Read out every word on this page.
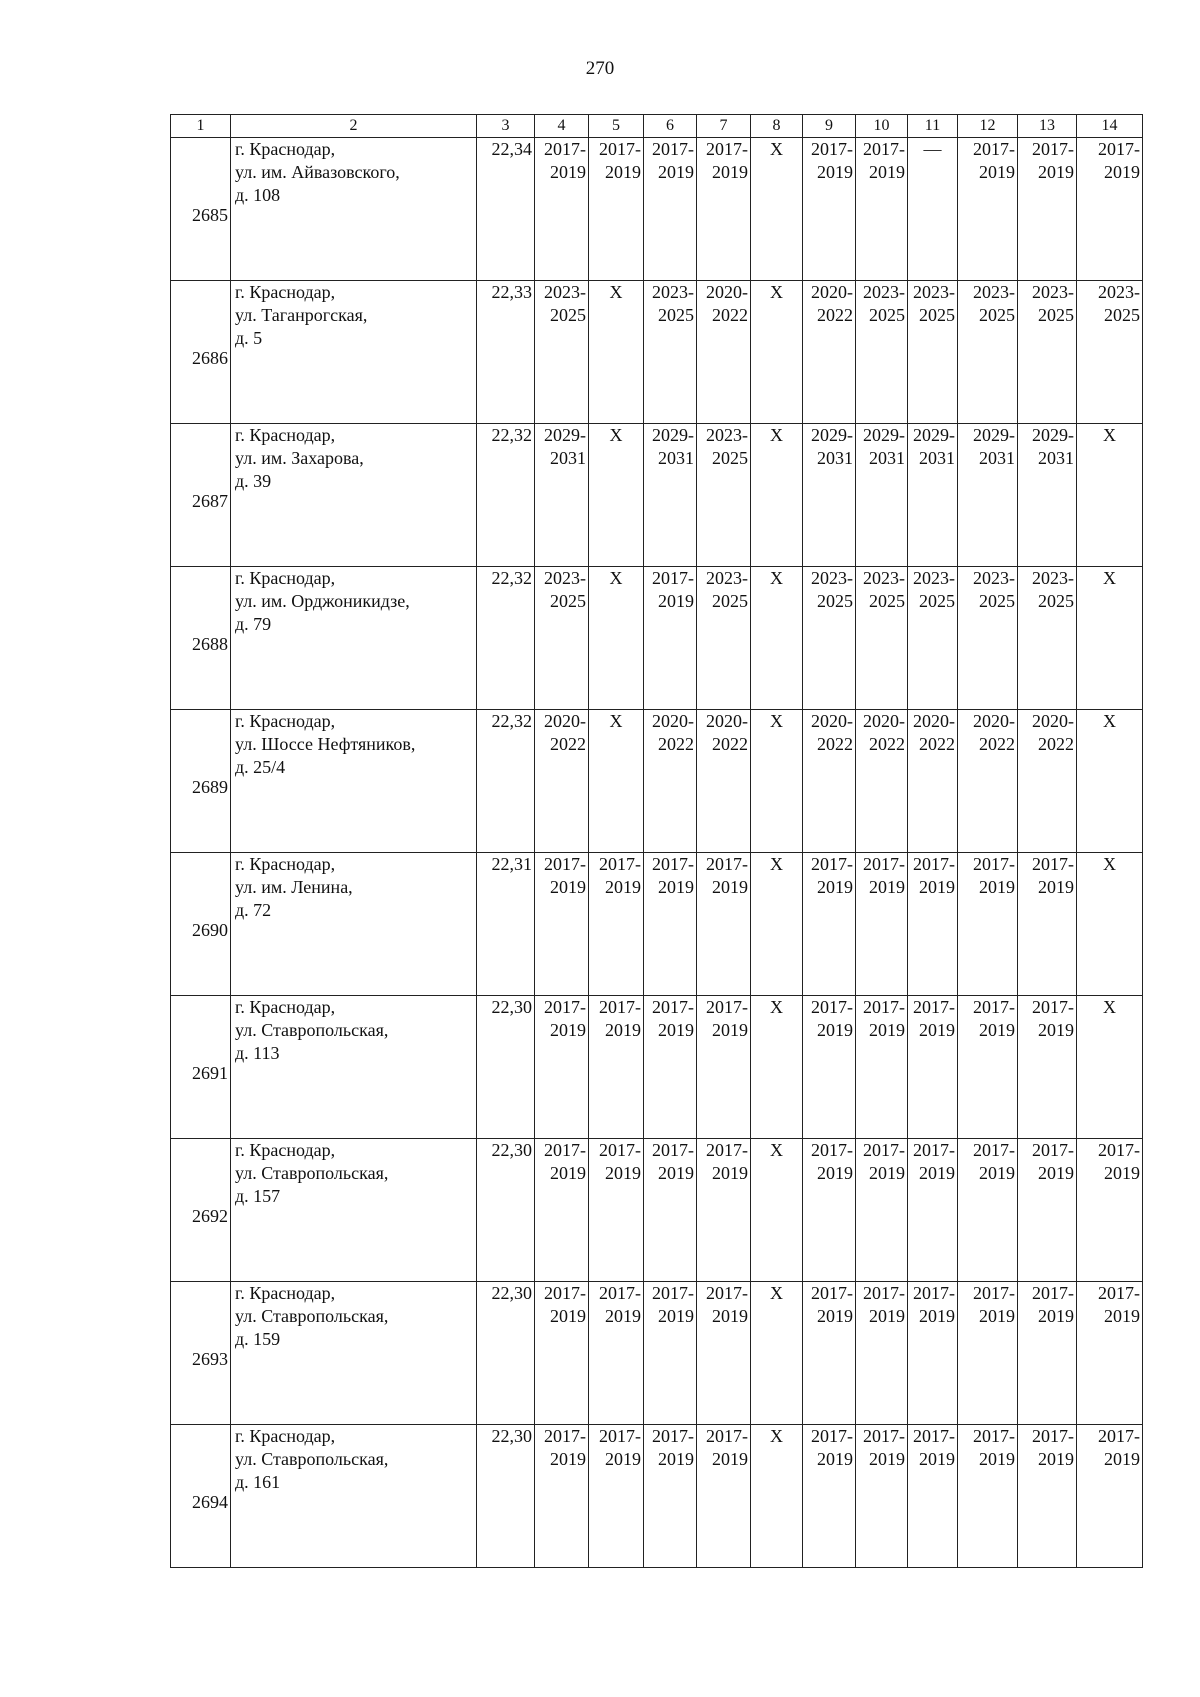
270
1	2	3	4	5	6	7	8	9	10	11	12	13	14
2685	г. Краснодар,
ул. им. Айвазовского,
д. 108	22,34	2017-
2019	2017-
2019	2017-
2019	2017-
2019	Х	2017-
2019	2017-
2019	—	2017-
2019	2017-
2019	2017-
2019
2686	г. Краснодар,
ул. Таганрогская,
д. 5	22,33	2023-
2025	Х	2023-
2025	2020-
2022	Х	2020-
2022	2023-
2025	2023-
2025	2023-
2025	2023-
2025	2023-
2025
2687	г. Краснодар,
ул. им. Захарова,
д. 39	22,32	2029-
2031	Х	2029-
2031	2023-
2025	Х	2029-
2031	2029-
2031	2029-
2031	2029-
2031	2029-
2031	Х
2688	г. Краснодар,
ул. им. Орджоникидзе,
д. 79	22,32	2023-
2025	Х	2017-
2019	2023-
2025	Х	2023-
2025	2023-
2025	2023-
2025	2023-
2025	2023-
2025	Х
2689	г. Краснодар,
ул. Шоссе Нефтяников,
д. 25/4	22,32	2020-
2022	Х	2020-
2022	2020-
2022	Х	2020-
2022	2020-
2022	2020-
2022	2020-
2022	2020-
2022	Х
2690	г. Краснодар,
ул. им. Ленина,
д. 72	22,31	2017-
2019	2017-
2019	2017-
2019	2017-
2019	Х	2017-
2019	2017-
2019	2017-
2019	2017-
2019	2017-
2019	Х
2691	г. Краснодар,
ул. Ставропольская,
д. 113	22,30	2017-
2019	2017-
2019	2017-
2019	2017-
2019	Х	2017-
2019	2017-
2019	2017-
2019	2017-
2019	2017-
2019	Х
2692	г. Краснодар,
ул. Ставропольская,
д. 157	22,30	2017-
2019	2017-
2019	2017-
2019	2017-
2019	Х	2017-
2019	2017-
2019	2017-
2019	2017-
2019	2017-
2019	2017-
2019
2693	г. Краснодар,
ул. Ставропольская,
д. 159	22,30	2017-
2019	2017-
2019	2017-
2019	2017-
2019	Х	2017-
2019	2017-
2019	2017-
2019	2017-
2019	2017-
2019	2017-
2019
2694	г. Краснодар,
ул. Ставропольская,
д. 161	22,30	2017-
2019	2017-
2019	2017-
2019	2017-
2019	Х	2017-
2019	2017-
2019	2017-
2019	2017-
2019	2017-
2019	2017-
2019
